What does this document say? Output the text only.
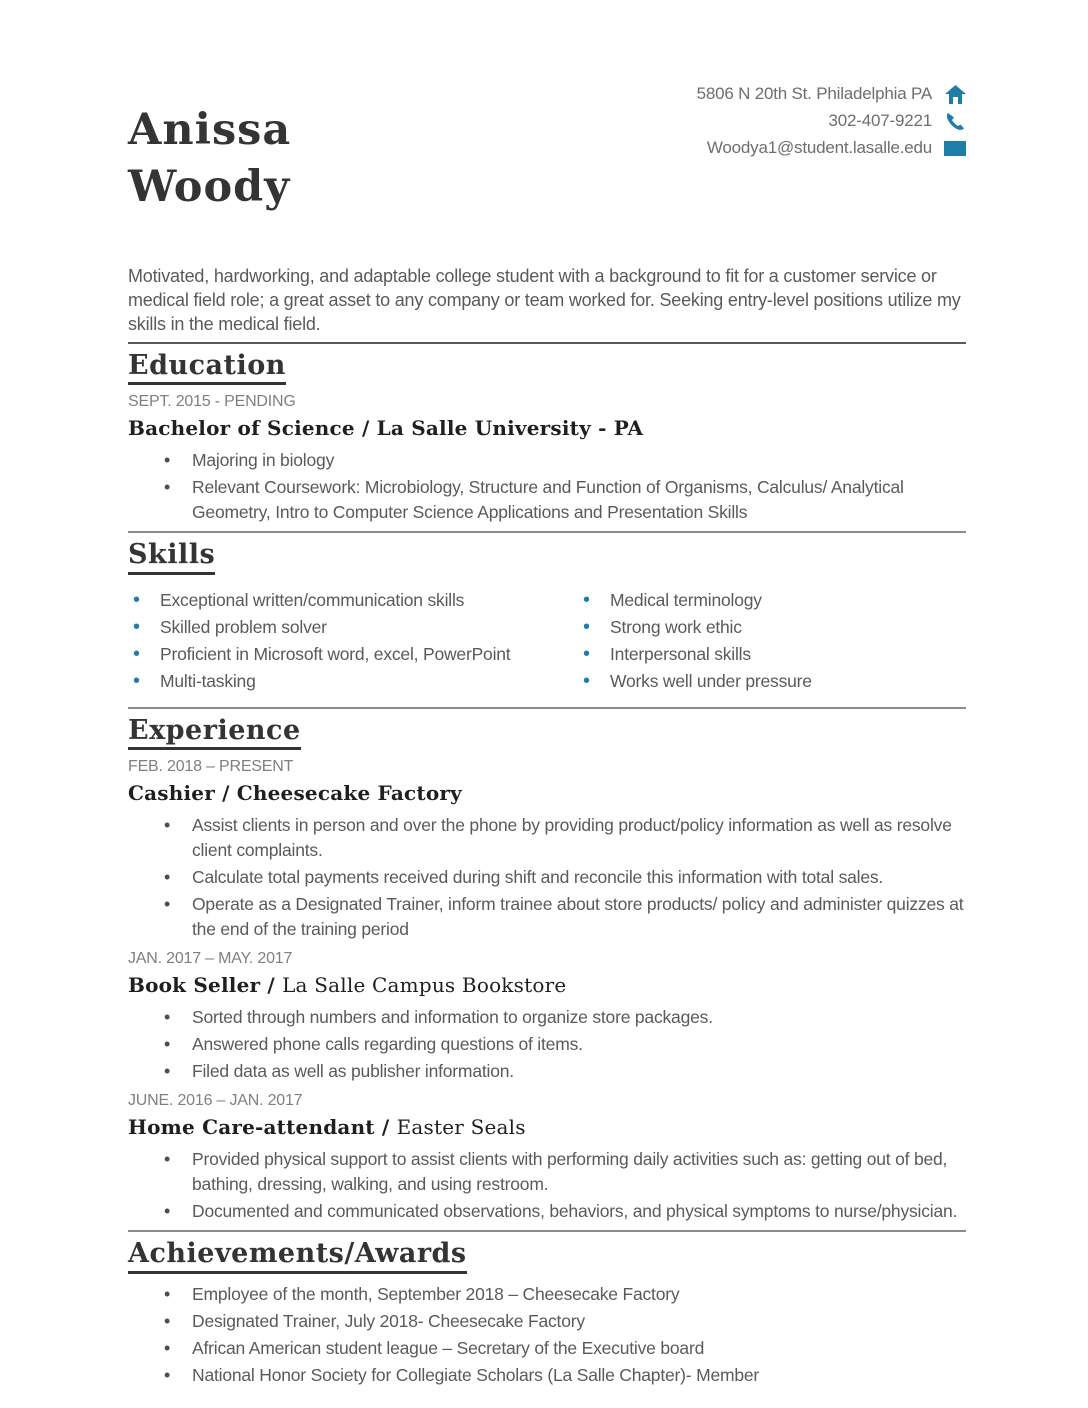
Anissa
Woody
5806 N 20th St. Philadelphia PA
302-407-9221
Woodya1@student.lasalle.edu

Motivated, hardworking, and adaptable college student with a background to fit for a customer service or medical field role; a great asset to any company or team worked for. Seeking entry-level positions utilize my skills in the medical field.

Education
SEPT. 2015 - PENDING
Bachelor of Science / La Salle University - PA
• Majoring in biology
• Relevant Coursework: Microbiology, Structure and Function of Organisms, Calculus/ Analytical Geometry, Intro to Computer Science Applications and Presentation Skills
Skills
• Exceptional written/communication skills
• Skilled problem solver
• Proficient in Microsoft word, excel, PowerPoint
• Multi-tasking
• Medical terminology
• Strong work ethic
• Interpersonal skills
• Works well under pressure
Experience
FEB. 2018 – PRESENT
Cashier / Cheesecake Factory
• Assist clients in person and over the phone by providing product/policy information as well as resolve client complaints.
• Calculate total payments received during shift and reconcile this information with total sales.
• Operate as a Designated Trainer, inform trainee about store products/ policy and administer quizzes at the end of the training period
JAN. 2017 – MAY. 2017
Book Seller / La Salle Campus Bookstore
• Sorted through numbers and information to organize store packages.
• Answered phone calls regarding questions of items.
• Filed data as well as publisher information.
JUNE. 2016 – JAN. 2017
Home Care-attendant / Easter Seals
• Provided physical support to assist clients with performing daily activities such as: getting out of bed, bathing, dressing, walking, and using restroom.
• Documented and communicated observations, behaviors, and physical symptoms to nurse/physician.
Achievements/Awards
• Employee of the month, September 2018 – Cheesecake Factory
• Designated Trainer, July 2018- Cheesecake Factory
• African American student league – Secretary of the Executive board
• National Honor Society for Collegiate Scholars (La Salle Chapter)- Member
